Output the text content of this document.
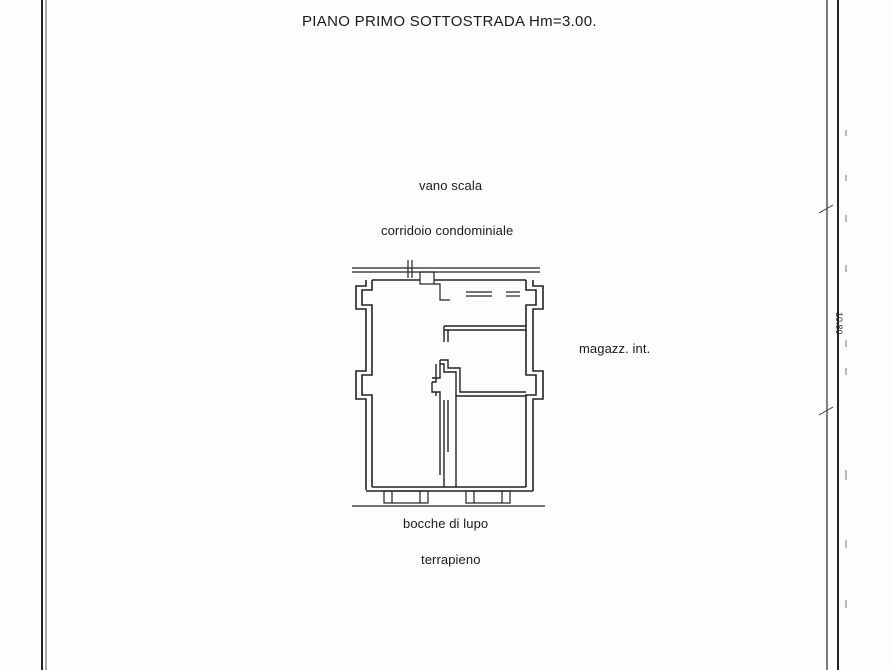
10.80
PIANO PRIMO SOTTOSTRADA Hm=3.00.
vano scala
corridoio condominiale
magazz. int.
bocche di lupo
terrapieno
